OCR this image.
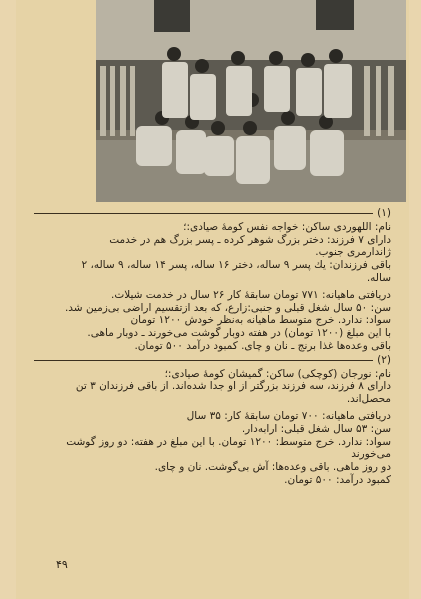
(۱)

نام: اللهوردی ساکن: خواجه نفس کومهٔ صیادی:؛

دارای ۷ فرزند: دختر بزرگ شوهر کرده ـ پسر بزرگ هم در خدمت

ژاندارمری جنوب.

باقی فرزندان: یك پسر ۹ ساله، دختر ۱۶ ساله، پسر ۱۴ ساله، ۹ ساله، ۲

ساله.

دریافتی ماهیانه: ۷۷۱ تومان سابقهٔ کار ۲۶ سال در خدمت شیلات.

سن: ۵۰ سال شغل قبلی و جنبی:زارع، که بعد ازتقسیم اراضی بی‌زمین شد.

سواد: ندارد. خرج متوسط ماهیانه به‌نظر خودش ۱۲۰۰ تومان

با این مبلغ (۱۲۰۰ تومان) در هفته دوبار گوشت می‌خورند ـ دوبار ماهی.

باقی وعده‌ها غذا برنج ـ نان و چای. کمبود درآمد ۵۰۰ تومان.

(۲)

نام: نورجان (کوچکی) ساکن: گمیشان کومهٔ صیادی:؛

دارای ۸ فرزند، سه فرزند بزرگتر از او جدا شده‌اند. از باقی فرزندان ۳ تن

محصل‌اند.

دریافتی ماهیانه: ۷۰۰ تومان سابقهٔ کار: ۳۵ سال

سن: ۵۳ سال شغل قبلی: ارابه‌دار.

سواد: ندارد. خرج متوسط: ۱۲۰۰ تومان. با این مبلغ در هفته: دو روز گوشت

می‌خورند

دو روز ماهی. باقی وعده‌ها: آش بی‌گوشت. نان و چای.

کمبود درآمد: ۵۰۰ تومان.

۴۹
